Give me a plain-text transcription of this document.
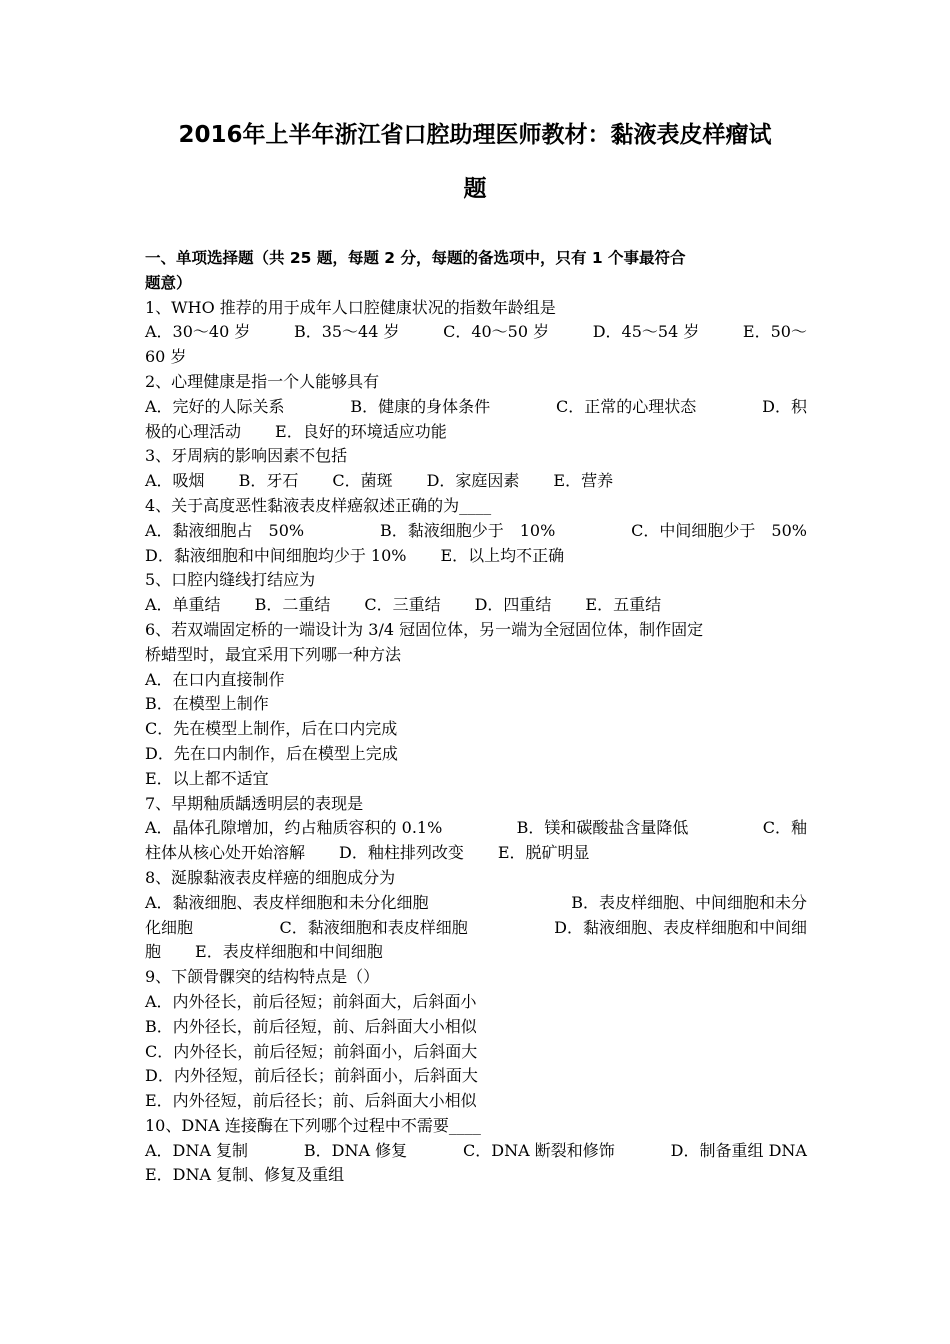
2016年上半年浙江省口腔助理医师教材：黏液表皮样瘤试
题
一、单项选择题（共 25 题，每题 2 分，每题的备选项中，只有 1 个事最符合
题意）
1、WHO 推荐的用于成年人口腔健康状况的指数年龄组是
A．30～40 岁	B．35～44 岁	C．40～50 岁	D．45～54 岁	E．50～
60 岁
2、心理健康是指一个人能够具有
A．完好的人际关系	B．健康的身体条件	C．正常的心理状态	D．积
极的心理活动 E．良好的环境适应功能
3、牙周病的影响因素不包括
A．吸烟 B．牙石 C．菌斑 D．家庭因素 E．营养
4、关于高度恶性黏液表皮样癌叙述正确的为____
A．黏液细胞占　50%	B．黏液细胞少于　10%	C．中间细胞少于　50%
D．黏液细胞和中间细胞均少于 10% E．以上均不正确
5、口腔内缝线打结应为
A．单重结 B．二重结 C．三重结 D．四重结 E．五重结
6、若双端固定桥的一端设计为 3/4 冠固位体，另一端为全冠固位体，制作固定
桥蜡型时，最宜采用下列哪一种方法
A．在口内直接制作
B．在模型上制作
C．先在模型上制作，后在口内完成
D．先在口内制作，后在模型上完成
E．以上都不适宜
7、早期釉质龋透明层的表现是
A．晶体孔隙增加，约占釉质容积的 0.1%	B．镁和碳酸盐含量降低	C．釉
柱体从核心处开始溶解 D．釉柱排列改变 E．脱矿明显
8、涎腺黏液表皮样癌的细胞成分为
A．黏液细胞、表皮样细胞和未分化细胞	B．表皮样细胞、中间细胞和未分
化细胞	C．黏液细胞和表皮样细胞	D．黏液细胞、表皮样细胞和中间细
胞 E．表皮样细胞和中间细胞
9、下颌骨髁突的结构特点是（）
A．内外径长，前后径短；前斜面大，后斜面小
B．内外径长，前后径短，前、后斜面大小相似
C．内外径长，前后径短；前斜面小，后斜面大
D．内外径短，前后径长；前斜面小，后斜面大
E．内外径短，前后径长；前、后斜面大小相似
10、DNA 连接酶在下列哪个过程中不需要____
A．DNA 复制	B．DNA 修复	C．DNA 断裂和修饰	D．制备重组 DNA
E．DNA 复制、修复及重组
